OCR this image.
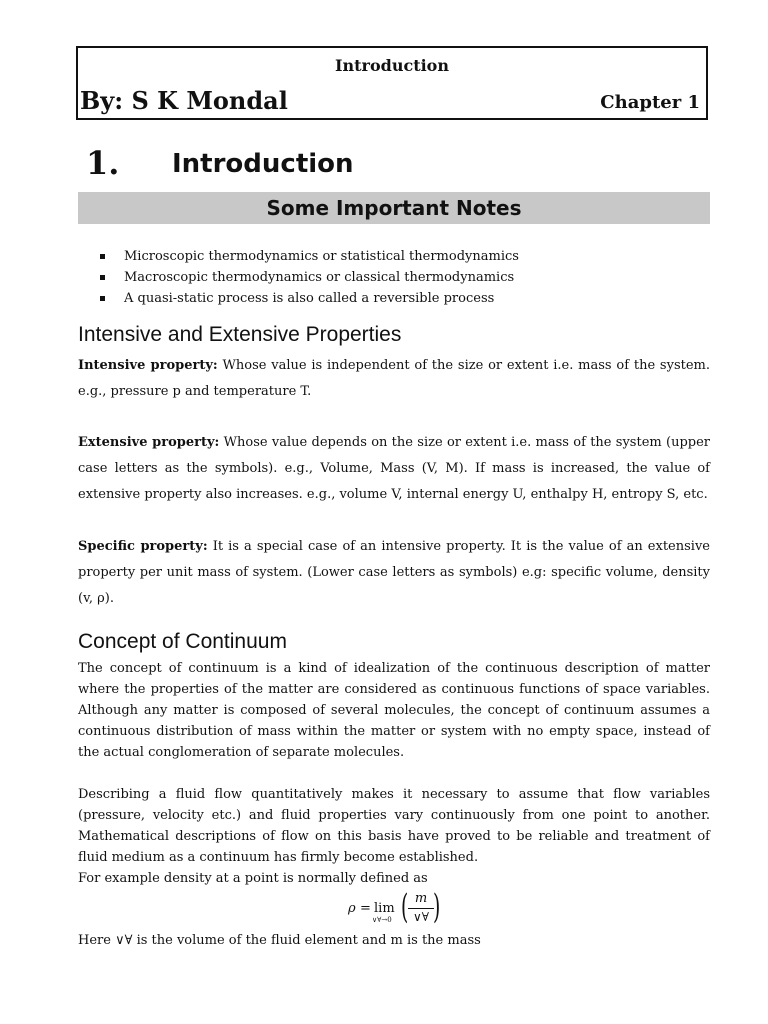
Introduction
By: S K Mondal	Chapter 1
1. Introduction
Some Important Notes
Microscopic thermodynamics or statistical thermodynamics
Macroscopic thermodynamics or classical thermodynamics
A quasi-static process is also called a reversible process
Intensive and Extensive Properties

Intensive property: Whose value is independent of the size or extent i.e. mass of the system. e.g., pressure p and temperature T.

Extensive property: Whose value depends on the size or extent i.e. mass of the system (upper case letters as the symbols). e.g., Volume, Mass (V, M). If mass is increased, the value of extensive property also increases. e.g., volume V, internal energy U, enthalpy H, entropy S, etc.

Specific property: It is a special case of an intensive property. It is the value of an extensive property per unit mass of system. (Lower case letters as symbols) e.g: specific volume, density (v, ρ).

Concept of Continuum

The concept of continuum is a kind of idealization of the continuous description of matter where the properties of the matter are considered as continuous functions of space variables. Although any matter is composed of several molecules, the concept of continuum assumes a continuous distribution of mass within the matter or system with no empty space, instead of the actual conglomeration of separate molecules.

Describing a fluid flow quantitatively makes it necessary to assume that flow variables (pressure, velocity etc.) and fluid properties vary continuously from one point to another. Mathematical descriptions of flow on this basis have proved to be reliable and treatment of fluid medium as a continuum has firmly become established.

For example density at a point is normally defined as

ρ = lim
∨∀→0 ( m
∨∀ )

Here ∨∀ is the volume of the fluid element and m is the mass
